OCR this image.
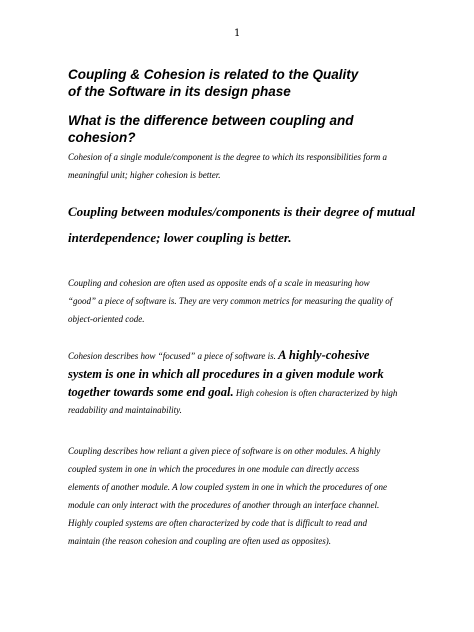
1
Coupling & Cohesion is related to the Quality
of the Software in its design phase
What is the difference between coupling and
cohesion?

Cohesion of a single module/component is the degree to which its responsibilities form a
meaningful unit; higher cohesion is better.

Coupling between modules/components is their degree of mutual
interdependence; lower coupling is better.

Coupling and cohesion are often used as opposite ends of a scale in measuring how
“good” a piece of software is. They are very common metrics for measuring the quality of
object-oriented code.

Cohesion describes how “focused” a piece of software is. A highly-cohesive
system is one in which all procedures in a given module work
together towards some end goal. High cohesion is often characterized by high
readability and maintainability.

Coupling describes how reliant a given piece of software is on other modules. A highly
coupled system in one in which the procedures in one module can directly access
elements of another module. A low coupled system in one in which the procedures of one
module can only interact with the procedures of another through an interface channel.
Highly coupled systems are often characterized by code that is difficult to read and
maintain (the reason cohesion and coupling are often used as opposites).
